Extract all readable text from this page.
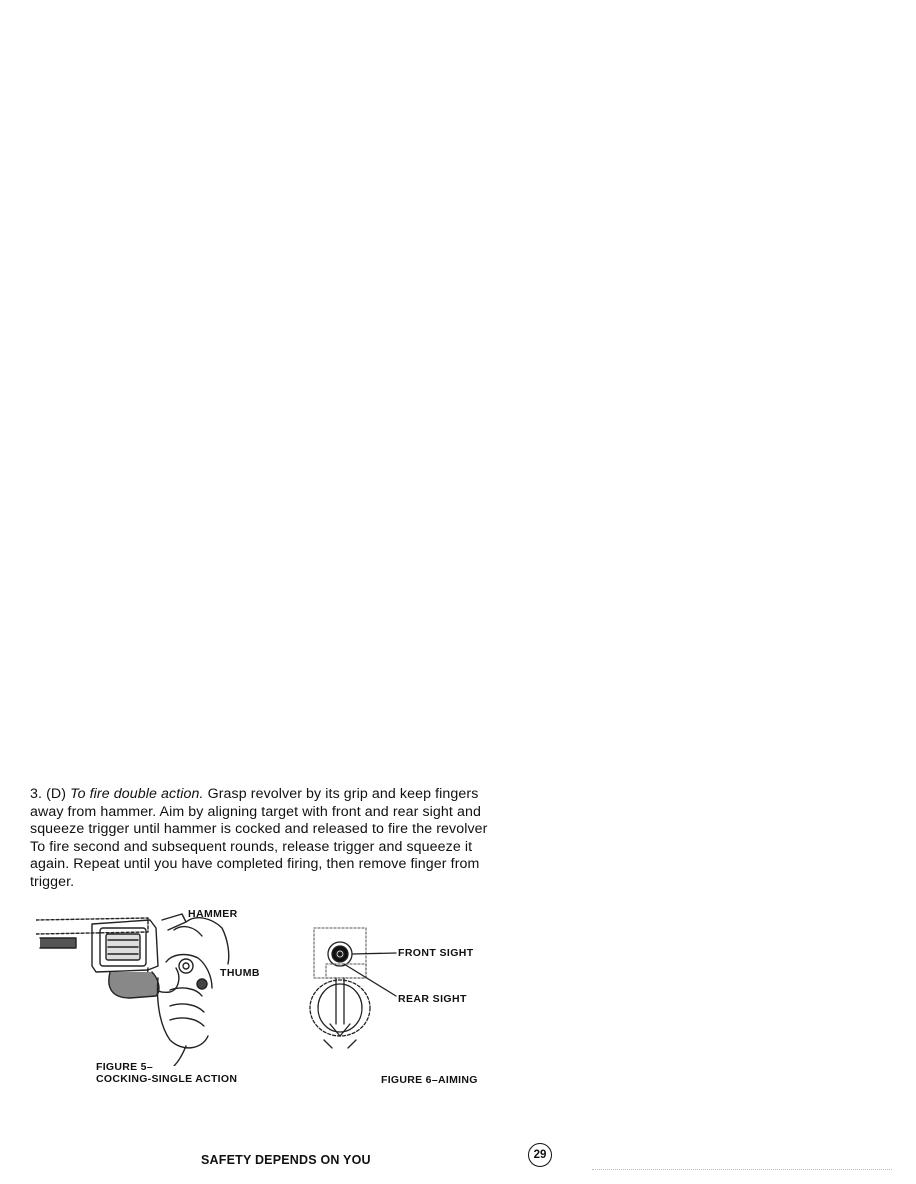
3. (D) To fire double action. Grasp revolver by its grip and keep fingers
away from hammer. Aim by aligning target with front and rear sight and
squeeze trigger until hammer is cocked and released to fire the revolver
To fire second and subsequent rounds, release trigger and squeeze it
again. Repeat until you have completed firing, then remove finger from
trigger.
HAMMER
THUMB
FIGURE 5–
COCKING-SINGLE ACTION
FRONT SIGHT
REAR SIGHT
FIGURE 6–AIMING
SAFETY DEPENDS ON YOU	29
